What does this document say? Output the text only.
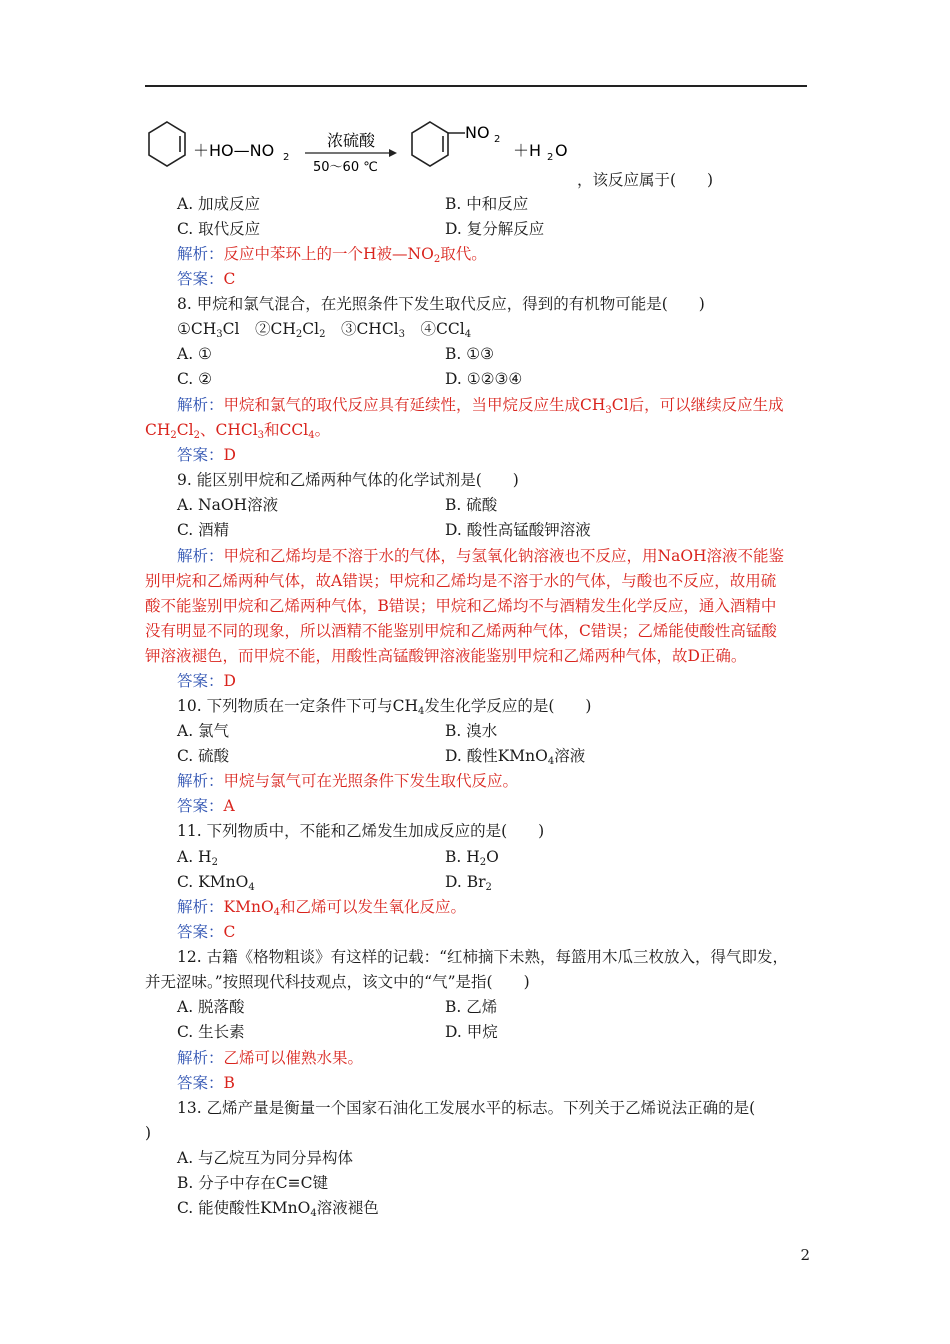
＋HO—NO 2
浓硫酸
50～60 ℃
NO 2
＋H 2 O
，该反应属于(　　)
A. 加成反应	B. 中和反应
C. 取代反应	D. 复分解反应
解析：反应中苯环上的一个H被$—NO_2$取代。
答案：C
8. 甲烷和氯气混合，在光照条件下发生取代反应，得到的有机物可能是(　　)
$①CH_3Cl$　$②CH_2Cl_2$　③CHCl$_3$　④CCl$_4$
A. ①	B. ①③
C. ②	D. ①②③④
解析：甲烷和氯气的取代反应具有延续性，当甲烷反应生成$CH_3Cl$后，可以继续反应生成
$CH_2Cl_2$、CHCl$_3$和CCl$_4$。
答案：D
9. 能区别甲烷和乙烯两种气体的化学试剂是(　　)
A. NaOH溶液	B. 硫酸
C. 酒精	D. 酸性高锰酸钾溶液
解析：甲烷和乙烯均是不溶于水的气体，与氢氧化钠溶液也不反应，用NaOH溶液不能鉴
别甲烷和乙烯两种气体，故A错误；甲烷和乙烯均是不溶于水的气体，与酸也不反应，故用硫
酸不能鉴别甲烷和乙烯两种气体，B错误；甲烷和乙烯均不与酒精发生化学反应，通入酒精中
没有明显不同的现象，所以酒精不能鉴别甲烷和乙烯两种气体，C错误；乙烯能使酸性高锰酸
钾溶液褪色，而甲烷不能，用酸性高锰酸钾溶液能鉴别甲烷和乙烯两种气体，故D正确。
答案：D
10. 下列物质在一定条件下可与$CH_4$发生化学反应的是(　　)
A. 氯气	B. 溴水
C. 硫酸	D. 酸性KMnO$_4$溶液
解析：甲烷与氯气可在光照条件下发生取代反应。
答案：A
11. 下列物质中，不能和乙烯发生加成反应的是(　　)
A. $H_2$	B. $H_2O$
C. KMnO$_4$	D. $Br_2$
解析：KMnO$_4$和乙烯可以发生氧化反应。
答案：C
12. 古籍《格物粗谈》有这样的记载：“红柿摘下未熟，每篮用木瓜三枚放入，得气即发，
并无涩味。”按照现代科技观点，该文中的“气”是指(　　)
A. 脱落酸	B. 乙烯
C. 生长素	D. 甲烷
解析：乙烯可以催熟水果。
答案：B
13. 乙烯产量是衡量一个国家石油化工发展水平的标志。下列关于乙烯说法正确的是(
)
A. 与乙烷互为同分异构体
B. 分子中存在C≡C键
C. 能使酸性KMnO$_4$溶液褪色
2
